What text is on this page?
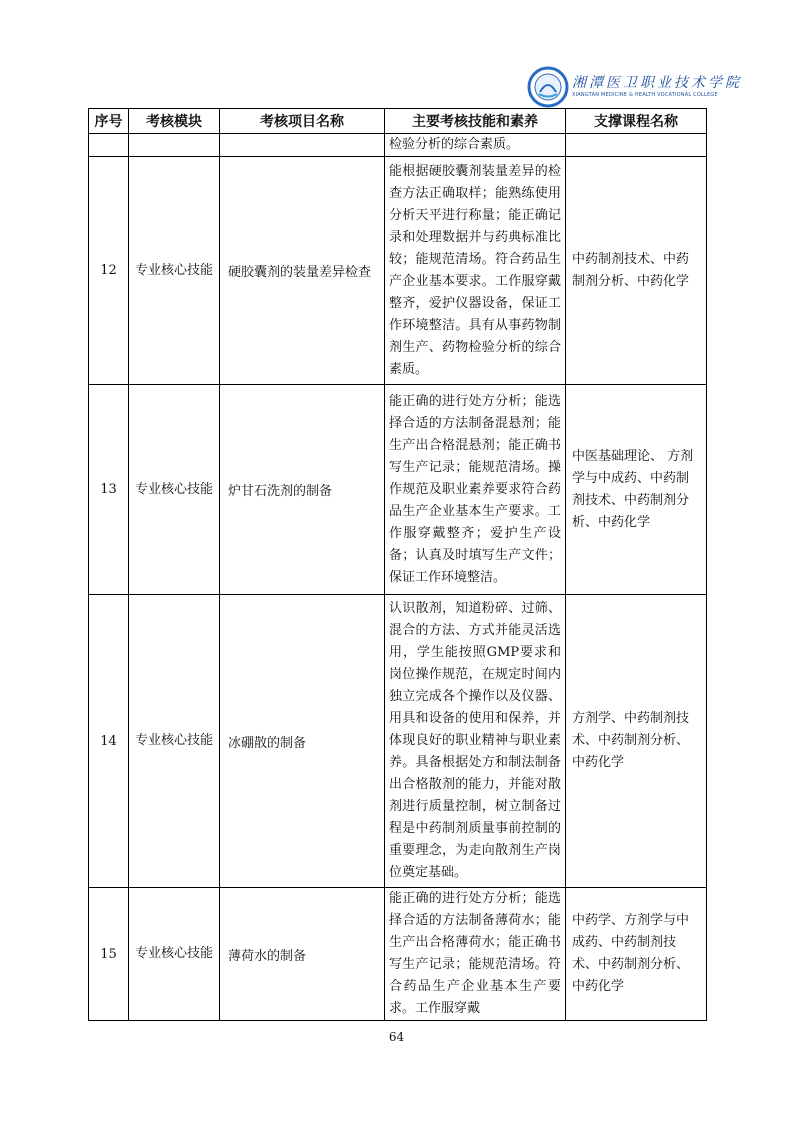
湘潭医卫职业技术学院
XIANGTAN MEDICINE & HEALTH VOCATIONAL COLLEGE
序号	考核模块	考核项目名称	主要考核技能和素养	支撑课程名称
			检验分析的综合素质。	
12	专业核心技能	硬胶囊剂的装量差异检查	能根据硬胶囊剂装量差异的检查方法正确取样；能熟练使用分析天平进行称量；能正确记录和处理数据并与药典标准比较；能规范清场。符合药品生产企业基本要求。工作服穿戴整齐，爱护仪器设备，保证工作环境整洁。具有从事药物制剂生产、药物检验分析的综合素质。	中药制剂技术、中药制剂分析、中药化学
13	专业核心技能	炉甘石洗剂的制备	能正确的进行处方分析；能选择合适的方法制备混悬剂；能生产出合格混悬剂；能正确书写生产记录；能规范清场。操作规范及职业素养要求符合药品生产企业基本生产要求。工作服穿戴整齐；爱护生产设备；认真及时填写生产文件；保证工作环境整洁。	中医基础理论、 方剂学与中成药、中药制剂技术、中药制剂分析、中药化学
14	专业核心技能	冰硼散的制备	认识散剂，知道粉碎、过筛、混合的方法、方式并能灵活选用，学生能按照GMP要求和岗位操作规范，在规定时间内独立完成各个操作以及仪器、用具和设备的使用和保养，并体现良好的职业精神与职业素养。具备根据处方和制法制备出合格散剂的能力，并能对散剂进行质量控制，树立制备过程是中药制剂质量事前控制的重要理念，为走向散剂生产岗位奠定基础。	方剂学、中药制剂技术、中药制剂分析、中药化学
15	专业核心技能	薄荷水的制备	能正确的进行处方分析；能选择合适的方法制备薄荷水；能生产出合格薄荷水；能正确书写生产记录；能规范清场。符合药品生产企业基本生产要求。工作服穿戴	中药学、方剂学与中成药、中药制剂技术、中药制剂分析、中药化学
64
